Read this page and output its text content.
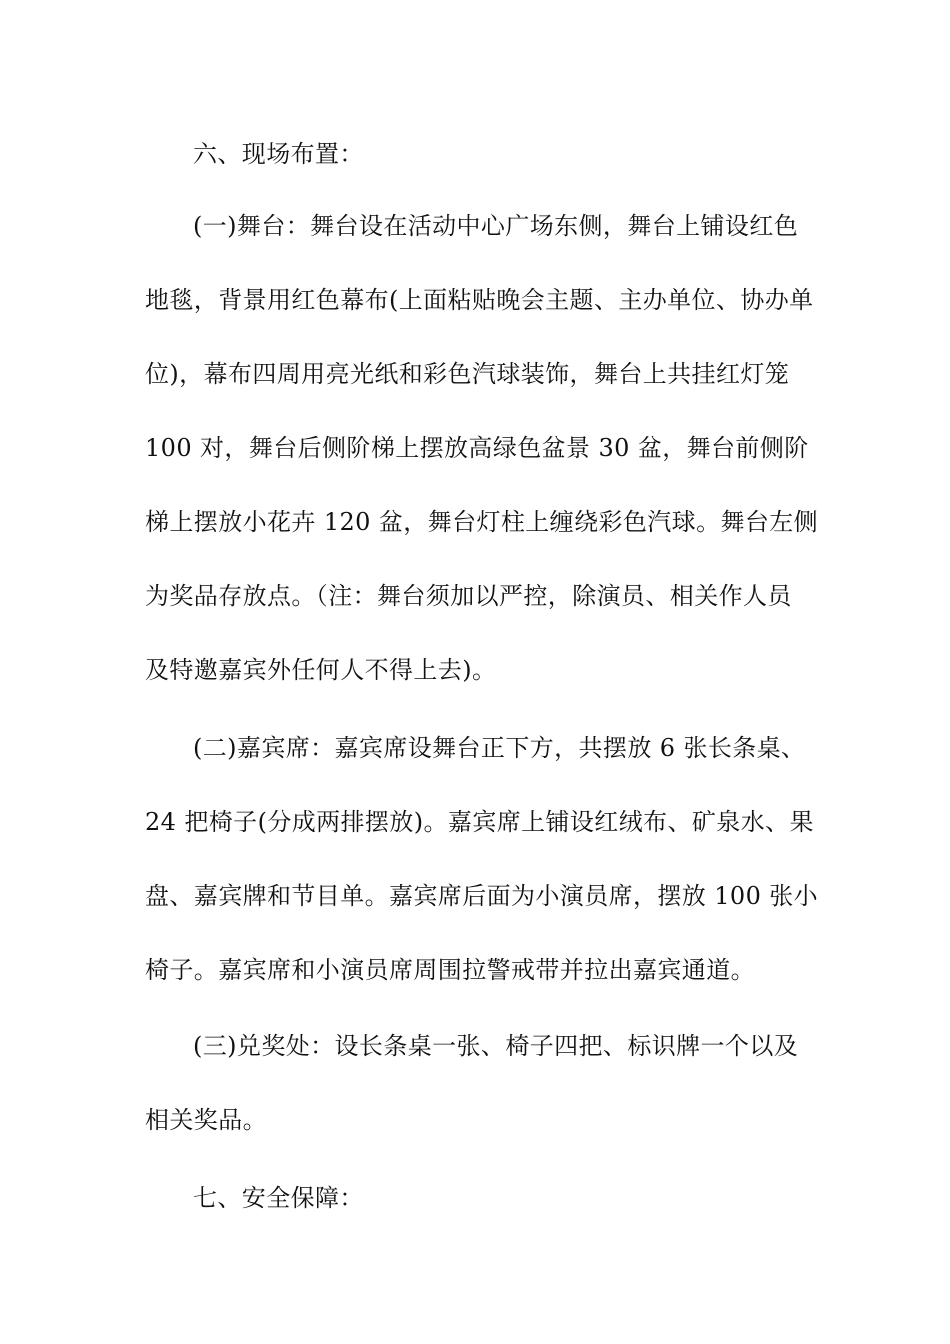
六、现场布置：
(一)舞台：舞台设在活动中心广场东侧，舞台上铺设红色
地毯，背景用红色幕布(上面粘贴晚会主题、主办单位、协办单
位)，幕布四周用亮光纸和彩色汽球装饰，舞台上共挂红灯笼
100 对，舞台后侧阶梯上摆放高绿色盆景 30 盆，舞台前侧阶
梯上摆放小花卉 120 盆，舞台灯柱上缠绕彩色汽球。舞台左侧
为奖品存放点。（注：舞台须加以严控，除演员、相关作人员
及特邀嘉宾外任何人不得上去)。
(二)嘉宾席：嘉宾席设舞台正下方，共摆放 6 张长条桌、
24 把椅子(分成两排摆放)。嘉宾席上铺设红绒布、矿泉水、果
盘、嘉宾牌和节目单。嘉宾席后面为小演员席，摆放 100 张小
椅子。嘉宾席和小演员席周围拉警戒带并拉出嘉宾通道。
(三)兑奖处：设长条桌一张、椅子四把、标识牌一个以及
相关奖品。
七、安全保障：
